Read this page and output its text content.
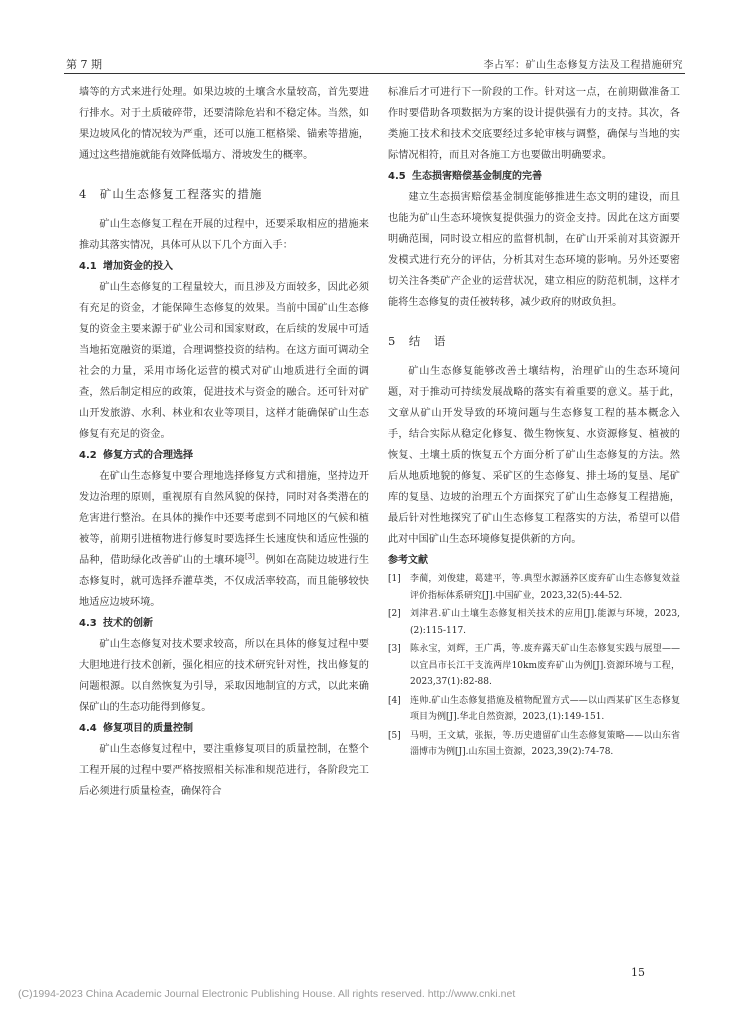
第 7 期	李占军：矿山生态修复方法及工程措施研究

墙等的方式来进行处理。如果边坡的土壤含水量较高，首先要进行排水。对于土质破碎带，还要清除危岩和不稳定体。当然，如果边坡风化的情况较为严重，还可以施工框格梁、锚索等措施，通过这些措施就能有效降低塌方、滑坡发生的概率。

4　矿山生态修复工程落实的措施

矿山生态修复工程在开展的过程中，还要采取相应的措施来推动其落实情况，具体可从以下几个方面入手：

4.1 增加资金的投入

矿山生态修复的工程量较大，而且涉及方面较多，因此必须有充足的资金，才能保障生态修复的效果。当前中国矿山生态修复的资金主要来源于矿业公司和国家财政，在后续的发展中可适当地拓宽融资的渠道，合理调整投资的结构。在这方面可调动全社会的力量，采用市场化运营的模式对矿山地质进行全面的调查，然后制定相应的政策，促进技术与资金的融合。还可针对矿山开发旅游、水利、林业和农业等项目，这样才能确保矿山生态修复有充足的资金。

4.2 修复方式的合理选择

在矿山生态修复中要合理地选择修复方式和措施，坚持边开发边治理的原则，重视原有自然风貌的保持，同时对各类潜在的危害进行整治。在具体的操作中还要考虑到不同地区的气候和植被等，前期引进植物进行修复时要选择生长速度快和适应性强的品种，借助绿化改善矿山的土壤环境[3]。例如在高陡边坡进行生态修复时，就可选择乔灌草类，不仅成活率较高，而且能够较快地适应边坡环境。

4.3 技术的创新

矿山生态修复对技术要求较高，所以在具体的修复过程中要大胆地进行技术创新，强化相应的技术研究针对性，找出修复的问题根源。以自然恢复为引导，采取因地制宜的方式，以此来确保矿山的生态功能得到修复。

4.4 修复项目的质量控制

矿山生态修复过程中，要注重修复项目的质量控制，在整个工程开展的过程中要严格按照相关标准和规范进行，各阶段完工后必须进行质量检查，确保符合

标准后才可进行下一阶段的工作。针对这一点，在前期做准备工作时要借助各项数据为方案的设计提供强有力的支持。其次，各类施工技术和技术交底要经过多轮审核与调整，确保与当地的实际情况相符，而且对各施工方也要做出明确要求。

4.5 生态损害赔偿基金制度的完善

建立生态损害赔偿基金制度能够推进生态文明的建设，而且也能为矿山生态环境恢复提供强力的资金支持。因此在这方面要明确范围，同时设立相应的监督机制，在矿山开采前对其资源开发模式进行充分的评估，分析其对生态环境的影响。另外还要密切关注各类矿产企业的运营状况，建立相应的防范机制，这样才能将生态修复的责任被转移，减少政府的财政负担。

5　结　语

矿山生态修复能够改善土壤结构，治理矿山的生态环境问题，对于推动可持续发展战略的落实有着重要的意义。基于此，文章从矿山开发导致的环境问题与生态修复工程的基本概念入手，结合实际从稳定化修复、微生物恢复、水资源修复、植被的恢复、土壤土质的恢复五个方面分析了矿山生态修复的方法。然后从地质地貌的修复、采矿区的生态修复、排土场的复垦、尾矿库的复垦、边坡的治理五个方面探究了矿山生态修复工程措施，最后针对性地探究了矿山生态修复工程落实的方法，希望可以借此对中国矿山生态环境修复提供新的方向。

参考文献
[1]	李蔺，刘俊建，葛建平，等.典型水源涵养区废弃矿山生态修复效益评价指标体系研究[J].中国矿业，2023,32(5):44-52.
[2]	刘津君.矿山土壤生态修复相关技术的应用[J].能源与环境，2023,(2):115-117.
[3]	陈永宝，刘辉，王广禹，等.废弃露天矿山生态修复实践与展望——以宜昌市长江干支流两岸10km废弃矿山为例[J].资源环境与工程，2023,37(1):82-88.
[4]	连帅.矿山生态修复措施及植物配置方式——以山西某矿区生态修复项目为例[J].华北自然资源，2023,(1):149-151.
[5]	马明，王文斌，张振，等.历史遗留矿山生态修复策略——以山东省淄博市为例[J].山东国土资源，2023,39(2):74-78.
15
(C)1994-2023 China Academic Journal Electronic Publishing House. All rights reserved. http://www.cnki.net
